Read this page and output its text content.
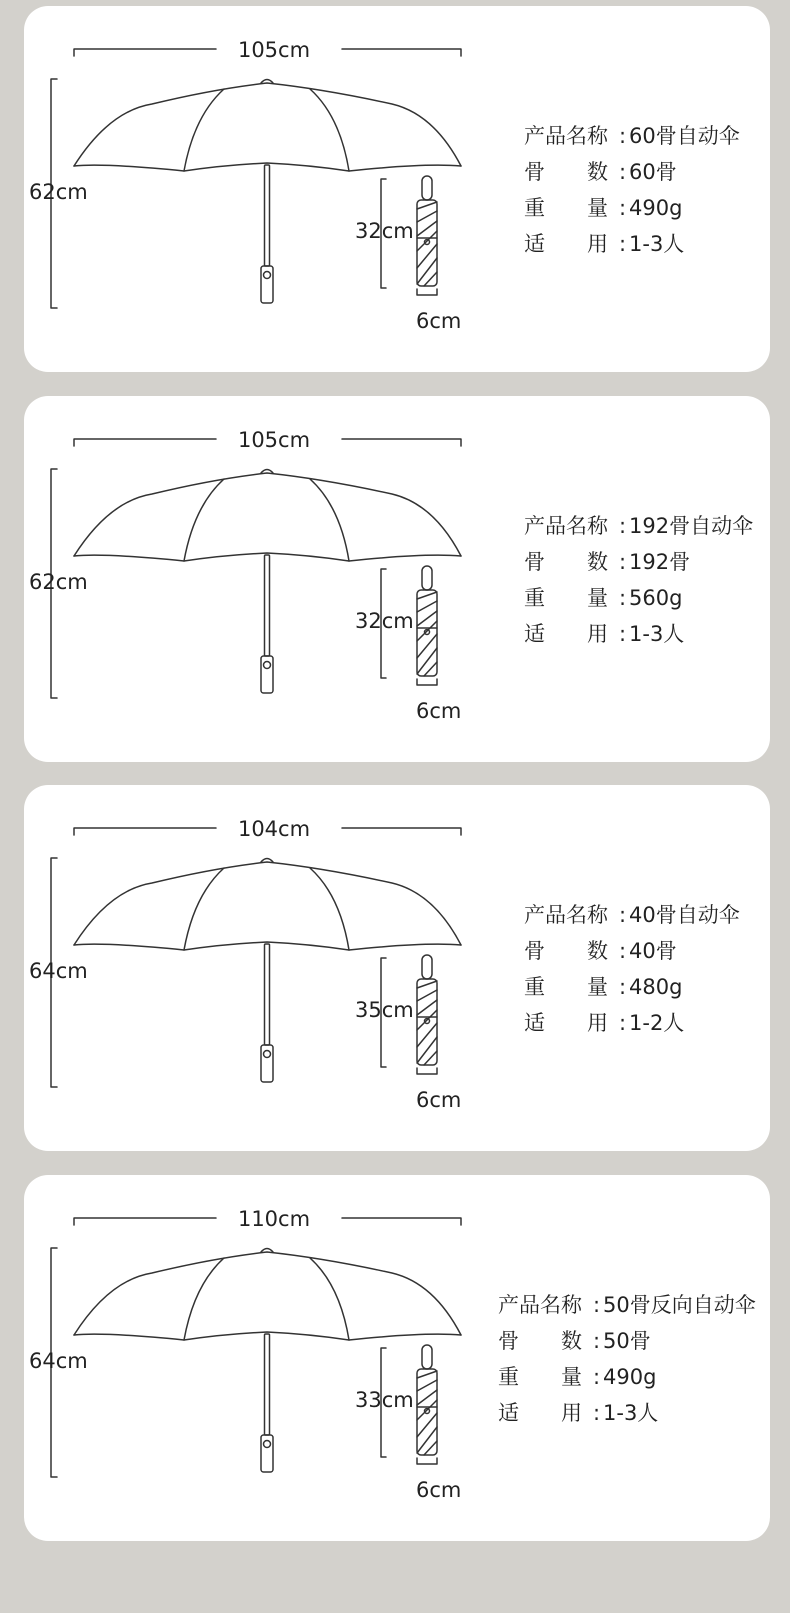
105cm
62cm
32cm
6cm
产品名称 : 60骨自动伞
骨　　数 : 60骨
重　　量 : 490g
适　　用 : 1-3人
105cm
62cm
32cm
6cm
产品名称 : 192骨自动伞
骨　　数 : 192骨
重　　量 : 560g
适　　用 : 1-3人
104cm
64cm
35cm
6cm
产品名称 : 40骨自动伞
骨　　数 : 40骨
重　　量 : 480g
适　　用 : 1-2人
110cm
64cm
33cm
6cm
产品名称 : 50骨反向自动伞
骨　　数 : 50骨
重　　量 : 490g
适　　用 : 1-3人
